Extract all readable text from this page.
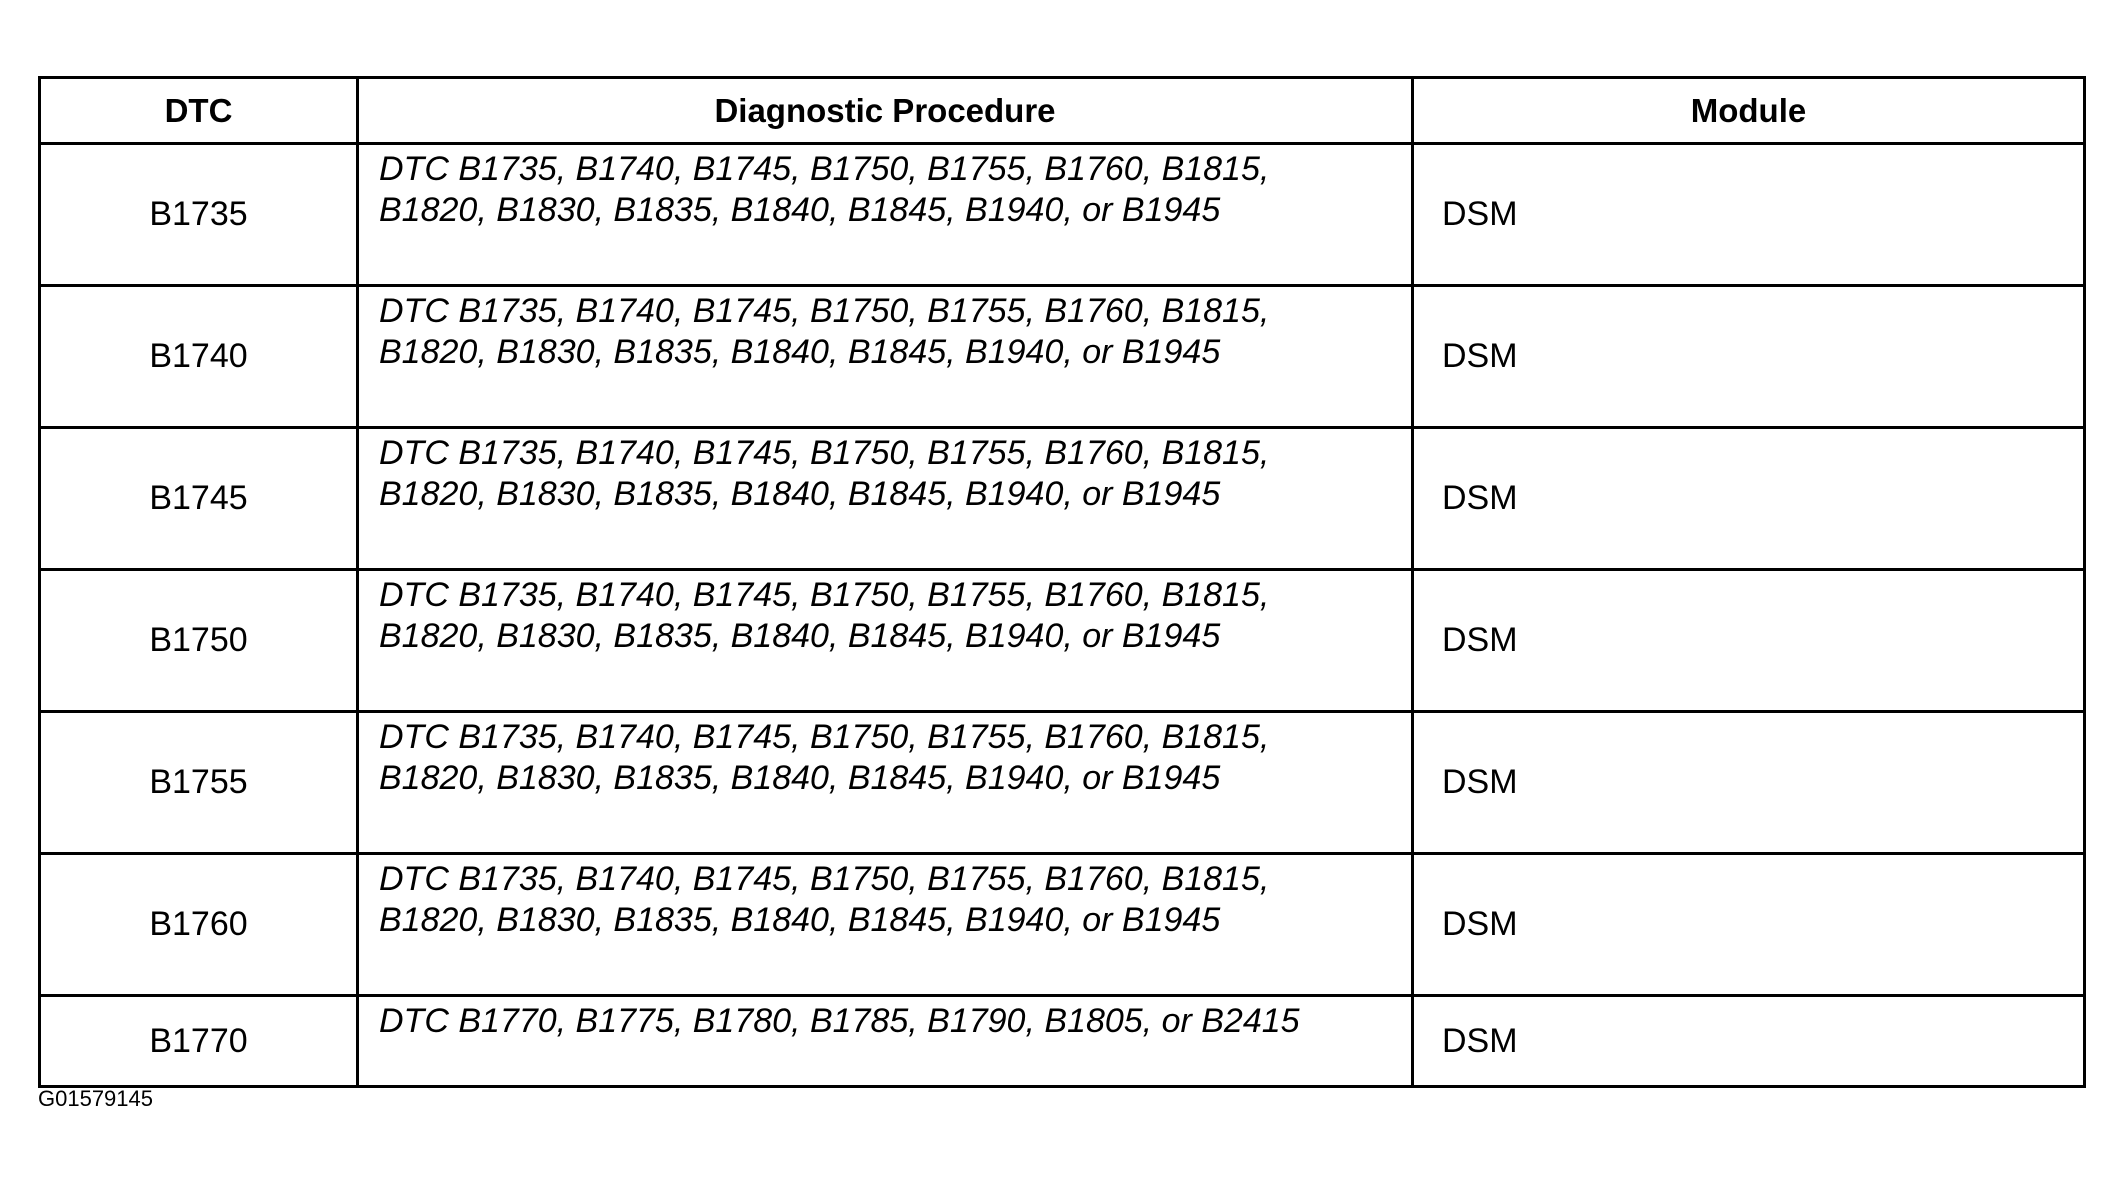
DTC	Diagnostic Procedure	Module
B1735	DTC B1735, B1740, B1745, B1750, B1755, B1760, B1815,
B1820, B1830, B1835, B1840, B1845, B1940, or B1945	DSM
B1740	DTC B1735, B1740, B1745, B1750, B1755, B1760, B1815,
B1820, B1830, B1835, B1840, B1845, B1940, or B1945	DSM
B1745	DTC B1735, B1740, B1745, B1750, B1755, B1760, B1815,
B1820, B1830, B1835, B1840, B1845, B1940, or B1945	DSM
B1750	DTC B1735, B1740, B1745, B1750, B1755, B1760, B1815,
B1820, B1830, B1835, B1840, B1845, B1940, or B1945	DSM
B1755	DTC B1735, B1740, B1745, B1750, B1755, B1760, B1815,
B1820, B1830, B1835, B1840, B1845, B1940, or B1945	DSM
B1760	DTC B1735, B1740, B1745, B1750, B1755, B1760, B1815,
B1820, B1830, B1835, B1840, B1845, B1940, or B1945	DSM
B1770	DTC B1770, B1775, B1780, B1785, B1790, B1805, or B2415	DSM
G01579145
